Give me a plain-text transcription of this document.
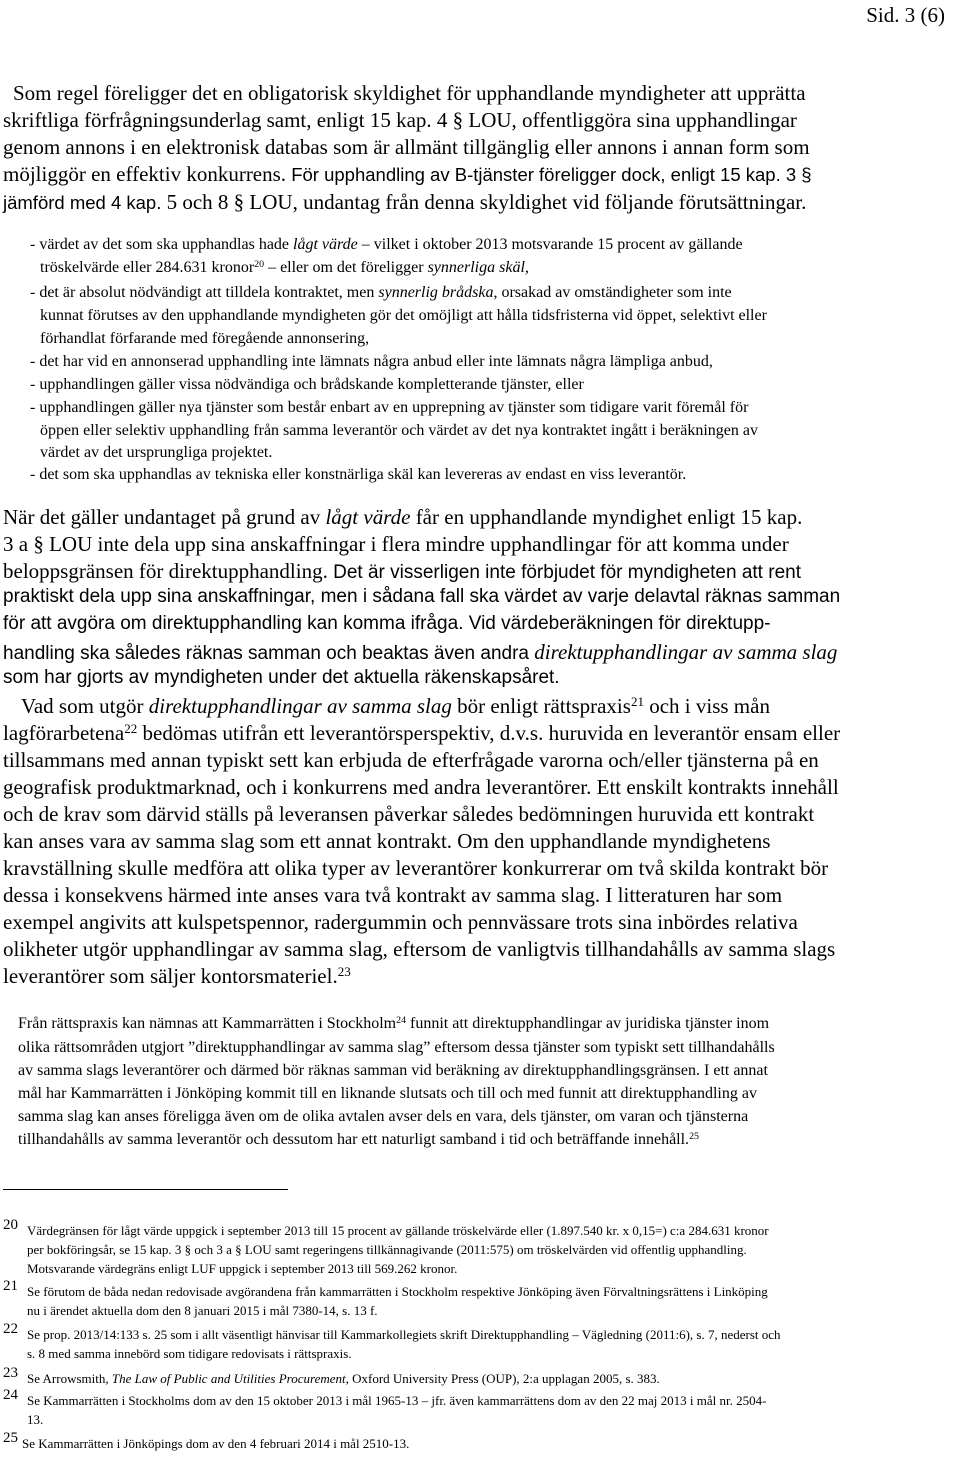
Sid. 3 (6)
Som regel föreligger det en obligatorisk skyldighet för upphandlande myndigheter att upprätta
skriftliga förfrågningsunderlag samt, enligt 15 kap. 4 § LOU, offentliggöra sina upphandlingar
genom annons i en elektronisk databas som är allmänt tillgänglig eller annons i annan form som
möjliggör en effektiv konkurrens. För upphandling av B-tjänster föreligger dock, enligt 15 kap. 3 §
jämförd med 4 kap. 5 och 8 § LOU, undantag från denna skyldighet vid följande förutsättningar.
- värdet av det som ska upphandlas hade lågt värde – vilket i oktober 2013 motsvarande 15 procent av gällande
tröskelvärde eller 284.631 kronor$^{20}$ – eller om det föreligger synnerliga skäl,
- det är absolut nödvändigt att tilldela kontraktet, men synnerlig brådska, orsakad av omständigheter som inte
kunnat förutses av den upphandlande myndigheten gör det omöjligt att hålla tidsfristerna vid öppet, selektivt eller
förhandlat förfarande med föregående annonsering,
- det har vid en annonserad upphandling inte lämnats några anbud eller inte lämnats några lämpliga anbud,
- upphandlingen gäller vissa nödvändiga och brådskande kompletterande tjänster, eller
- upphandlingen gäller nya tjänster som består enbart av en upprepning av tjänster som tidigare varit föremål för
öppen eller selektiv upphandling från samma leverantör och värdet av det nya kontraktet ingått i beräkningen av
värdet av det ursprungliga projektet.
- det som ska upphandlas av tekniska eller konstnärliga skäl kan levereras av endast en viss leverantör.
När det gäller undantaget på grund av lågt värde får en upphandlande myndighet enligt 15 kap.
3 a § LOU inte dela upp sina anskaffningar i flera mindre upphandlingar för att komma under
beloppsgränsen för direktupphandling. Det är visserligen inte förbjudet för myndigheten att rent
praktiskt dela upp sina anskaffningar, men i sådana fall ska värdet av varje delavtal räknas samman
för att avgöra om direktupphandling kan komma ifråga. Vid värdeberäkningen för direktupp-
handling ska således räknas samman och beaktas även andra direktupphandlingar av samma slag
som har gjorts av myndigheten under det aktuella räkenskapsåret.
Vad som utgör direktupphandlingar av samma slag bör enligt rättspraxis$^{21}$ och i viss mån
lagförarbetena$^{22}$ bedömas utifrån ett leverantörsperspektiv, d.v.s. huruvida en leverantör ensam eller
tillsammans med annan typiskt sett kan erbjuda de efterfrågade varorna och/eller tjänsterna på en
geografisk produktmarknad, och i konkurrens med andra leverantörer. Ett enskilt kontrakts innehåll
och de krav som därvid ställs på leveransen påverkar således bedömningen huruvida ett kontrakt
kan anses vara av samma slag som ett annat kontrakt. Om den upphandlande myndighetens
kravställning skulle medföra att olika typer av leverantörer konkurrerar om två skilda kontrakt bör
dessa i konsekvens härmed inte anses vara två kontrakt av samma slag. I litteraturen har som
exempel angivits att kulspetspennor, radergummin och pennvässare trots sina inbördes relativa
olikheter utgör upphandlingar av samma slag, eftersom de vanligtvis tillhandahålls av samma slags
leverantörer som säljer kontorsmateriel.$^{23}$
Från rättspraxis kan nämnas att Kammarrätten i Stockholm$^{24}$ funnit att direktupphandlingar av juridiska tjänster inom
olika rättsområden utgjort ”direktupphandlingar av samma slag” eftersom dessa tjänster som typiskt sett tillhandahålls
av samma slags leverantörer och därmed bör räknas samman vid beräkning av direktupphandlingsgränsen. I ett annat
mål har Kammarrätten i Jönköping kommit till en liknande slutsats och till och med funnit att direktupphandling av
samma slag kan anses föreligga även om de olika avtalen avser dels en vara, dels tjänster, om varan och tjänsterna
tillhandahålls av samma leverantör och dessutom har ett naturligt samband i tid och beträffande innehåll.$^{25}$
20 Värdegränsen för lågt värde uppgick i september 2013 till 15 procent av gällande tröskelvärde eller (1.897.540 kr. x 0,15=) c:a 284.631 kronor
per bokföringsår, se 15 kap. 3 § och 3 a § LOU samt regeringens tillkännagivande (2011:575) om tröskelvärden vid offentlig upphandling.
Motsvarande värdegräns enligt LUF uppgick i september 2013 till 569.262 kronor.
21 Se förutom de båda nedan redovisade avgörandena från kammarrätten i Stockholm respektive Jönköping även Förvaltningsrättens i Linköping
nu i ärendet aktuella dom den 8 januari 2015 i mål 7380-14, s. 13 f.
22 Se prop. 2013/14:133 s. 25 som i allt väsentligt hänvisar till Kammarkollegiets skrift Direktupphandling – Vägledning (2011:6), s. 7, nederst och
s. 8 med samma innebörd som tidigare redovisats i rättspraxis.
23 Se Arrowsmith, The Law of Public and Utilities Procurement, Oxford University Press (OUP), 2:a upplagan 2005, s. 383.
24 Se Kammarrätten i Stockholms dom av den 15 oktober 2013 i mål 1965-13 – jfr. även kammarrättens dom av den 22 maj 2013 i mål nr. 2504-
13.
25 Se Kammarrätten i Jönköpings dom av den 4 februari 2014 i mål 2510-13.
